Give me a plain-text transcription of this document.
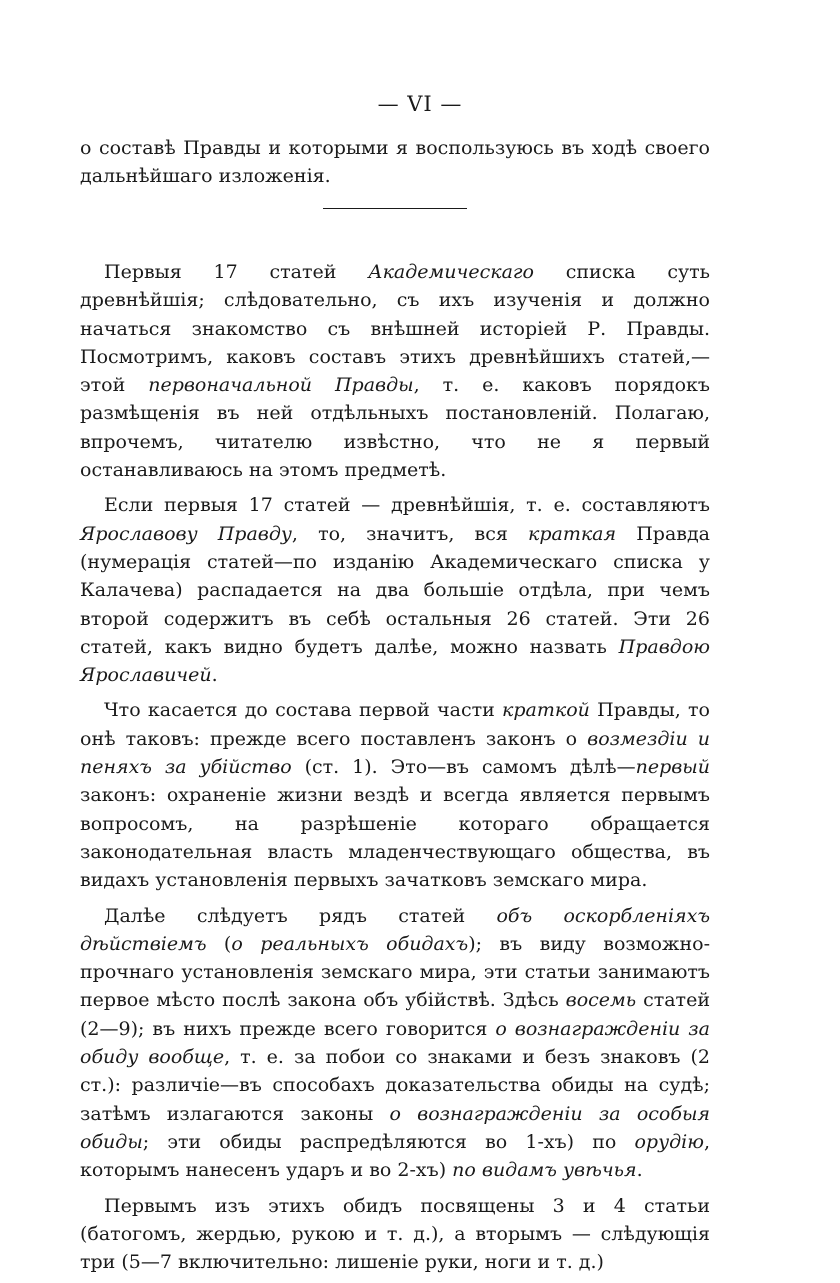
— VI —
о составѣ Правды и которыми я воспользуюсь въ ходѣ своего дальнѣйшаго изложенія.

Первыя 17 статей Академическаго списка суть древнѣйшія; слѣдовательно, съ ихъ изученія и должно начаться знакомство съ внѣшней исторіей Р. Правды. Посмотримъ, каковъ составъ этихъ древнѣйшихъ статей,— этой первоначальной Правды, т. е. каковъ порядокъ размѣщенія въ ней отдѣльныхъ постановленій. Полагаю, впрочемъ, читателю извѣстно, что не я первый останавливаюсь на этомъ предметѣ.

Если первыя 17 статей — древнѣйшія, т. е. составляютъ Ярославову Правду, то, значитъ, вся краткая Правда (нумерація статей—по изданію Академическаго списка у Калачева) распадается на два большіе отдѣла, при чемъ второй содержитъ въ себѣ остальныя 26 статей. Эти 26 статей, какъ видно будетъ далѣе, можно назвать Правдою Ярославичей.

Что касается до состава первой части краткой Правды, то онѣ таковъ: прежде всего поставленъ законъ о возмездіи и пеняхъ за убійство (ст. 1). Это—въ самомъ дѣлѣ—первый законъ: охраненіе жизни вездѣ и всегда является первымъ вопросомъ, на разрѣшеніе котораго обращается законодательная власть младенчествующаго общества, въ видахъ установленія первыхъ зачатковъ земскаго мира.

Далѣе слѣдуетъ рядъ статей объ оскорбленіяхъ дѣйствіемъ (о реальныхъ обидахъ); въ виду возможно-прочнаго установленія земскаго мира, эти статьи занимаютъ первое мѣсто послѣ закона объ убійствѣ. Здѣсь восемь статей (2—9); въ нихъ прежде всего говорится о вознагражденіи за обиду вообще, т. е. за побои со знаками и безъ знаковъ (2 ст.): различіе—въ способахъ доказательства обиды на судѣ; затѣмъ излагаются законы о вознагражденіи за особыя обиды; эти обиды распредѣляются во 1-хъ) по орудію, которымъ нанесенъ ударъ и во 2-хъ) по видамъ увѣчья.

Первымъ изъ этихъ обидъ посвящены 3 и 4 статьи (батогомъ, жердью, рукою и т. д.), а вторымъ — слѣдующія три (5—7 включительно: лишеніе руки, ноги и т. д.)
